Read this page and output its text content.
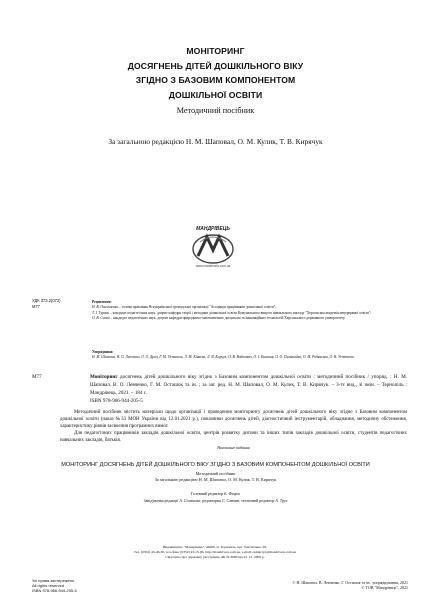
МОНІТОРИНГ
ДОСЯГНЕНЬ ДІТЕЙ ДОШКІЛЬНОГО ВІКУ
ЗГІДНО З БАЗОВИМ КОМПОНЕНТОМ
ДОШКІЛЬНОЇ ОСВІТИ
Методичний посібник
За загальною редакцією Н. М. Шаповал, О. М. Кулик, Т. В. Кирячук
МАНДРІВЕЦЬ
www.mandrivets.com.ua
УДК 373.2(072)
М77

Рецензенти:

Н. В. Омельченко – голова правління Всеукраїнської громадської організації "Асоціація працівників дошкільної освіти";

Т. І. Турчин – кандидат педагогічних наук, доцент кафедри теорії і методики дошкільної освіти Комунального вищого навчального закладу "Херсонська академія неперервної освіти";

О. В. Саєва – кандидат педагогічних наук, доцент кафедри природничо-математичних дисциплін та інноваційних технологій Херсонського державного університету.

Упорядники:

Н. М. Шаповал, В. О. Левченко, О. О. Драч, Г. М. Осташок, Л. М. Кінаєва, Л. Я. Карчук, О. В. Войтович, О. І. Княгиня, О. О. Пильтайко, О. М. Радянська, О. В. Устюхова.

М77	Моніторинг досягнень дітей дошкільного віку згідно з Базовим компонентом дошкільної освіти : методичний посібник / упоряд. : Н. М. Шаповал, В. О. Левченко, Г. М. Осташок та ін. ; за заг. ред. Н. М. Шаповал, О. М. Кулик, Т. В. Кирячук. – 3-тє вид., зі змін. – Тернопіль : Мандрівець, 2021. – 184 с.
ISBN 978-966-944-205-5

Методичний посібник містить матеріали щодо організації і проведення моніторингу досягнень дітей дошкільного віку згідно з Базовим компонентом дошкільної освіти (наказ №33 МОН України від 12.01.2021 р.), показники досягнень дітей, діагностичний інструментарій, обладнання, методичну обстеження, характеристику рівнів засвоєння програмних вимог.

Для педагогічних працівників закладів дошкільної освіти, центрів розвитку дитини та інших типів закладів дошкільної освіти, студентів педагогічних навчальних закладів, батьків.

Навчальне видання

МОНІТОРИНГ ДОСЯГНЕНЬ ДІТЕЙ ДОШКІЛЬНОГО ВІКУ ЗГІДНО З БАЗОВИМ КОМПОНЕНТОМ ДОШКІЛЬНОЇ ОСВІТИ
Методичний посібник
За загальною редакцією Н. М. Шаповал, О. М. Кулик, Т. В. Кирячук

Головний редактор Б. Фецюк

Завідувачка редакції А. Семенова, редакторка С. Савчин, технічний редактор А. Трух

Видавництво "Мандрівець", 46400, м. Тернопіль, вул. Текстильна, 28,
Тел. (0352) 43-46-30, тел./факс (0352) 43-15-06, http://mandrivets.com.ua, e-mail: redakciya@mandrivets.com.ua
Свідоцтво про державну реєстрацію ДК № 3690 від 25. 12. 2009 р.
Усі права застережено
All rights reserved
ISBN 978-966-944-205-5
© Н. Шаповал, В. Левченко, Г. Осташок та ін., упорядкування, 2021
© ТОВ "Мандрівець", 2021
